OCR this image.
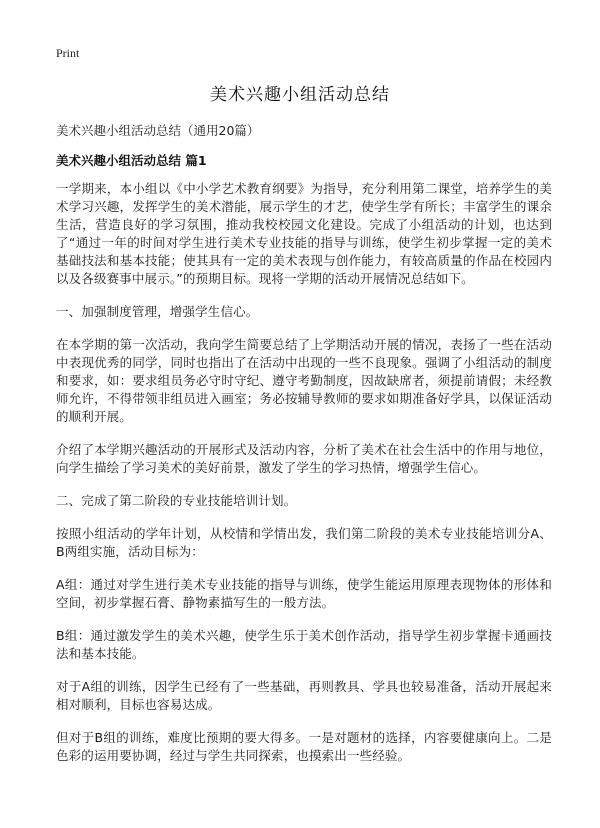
Print
美术兴趣小组活动总结
美术兴趣小组活动总结（通用20篇）
美术兴趣小组活动总结 篇1

一学期来，本小组以《中小学艺术教育纲要》为指导，充分利用第二课堂，培养学生的美术学习兴趣，发挥学生的美术潜能，展示学生的才艺，使学生学有所长；丰富学生的课余生活，营造良好的学习氛围，推动我校校园文化建设。完成了小组活动的计划，也达到了“通过一年的时间对学生进行美术专业技能的指导与训练，使学生初步掌握一定的美术基础技法和基本技能；使其具有一定的美术表现与创作能力，有较高质量的作品在校园内以及各级赛事中展示。”的预期目标。现将一学期的活动开展情况总结如下。

一、加强制度管理，增强学生信心。

在本学期的第一次活动，我向学生简要总结了上学期活动开展的情况，表扬了一些在活动中表现优秀的同学，同时也指出了在活动中出现的一些不良现象。强调了小组活动的制度和要求，如：要求组员务必守时守纪、遵守考勤制度，因故缺席者，须提前请假；未经教师允许，不得带领非组员进入画室；务必按辅导教师的要求如期准备好学具，以保证活动的顺利开展。

介绍了本学期兴趣活动的开展形式及活动内容，分析了美术在社会生活中的作用与地位，向学生描绘了学习美术的美好前景，激发了学生的学习热情，增强学生信心。

二、完成了第二阶段的专业技能培训计划。

按照小组活动的学年计划，从校情和学情出发，我们第二阶段的美术专业技能培训分A、B两组实施，活动目标为：

A组：通过对学生进行美术专业技能的指导与训练，使学生能运用原理表现物体的形体和空间，初步掌握石膏、静物素描写生的一般方法。

B组：通过激发学生的美术兴趣，使学生乐于美术创作活动，指导学生初步掌握卡通画技法和基本技能。

对于A组的训练，因学生已经有了一些基础，再则教具、学具也较易准备，活动开展起来相对顺利，目标也容易达成。

但对于B组的训练，难度比预期的要大得多。一是对题材的选择，内容要健康向上。二是色彩的运用要协调，经过与学生共同探索，也摸索出一些经验。
